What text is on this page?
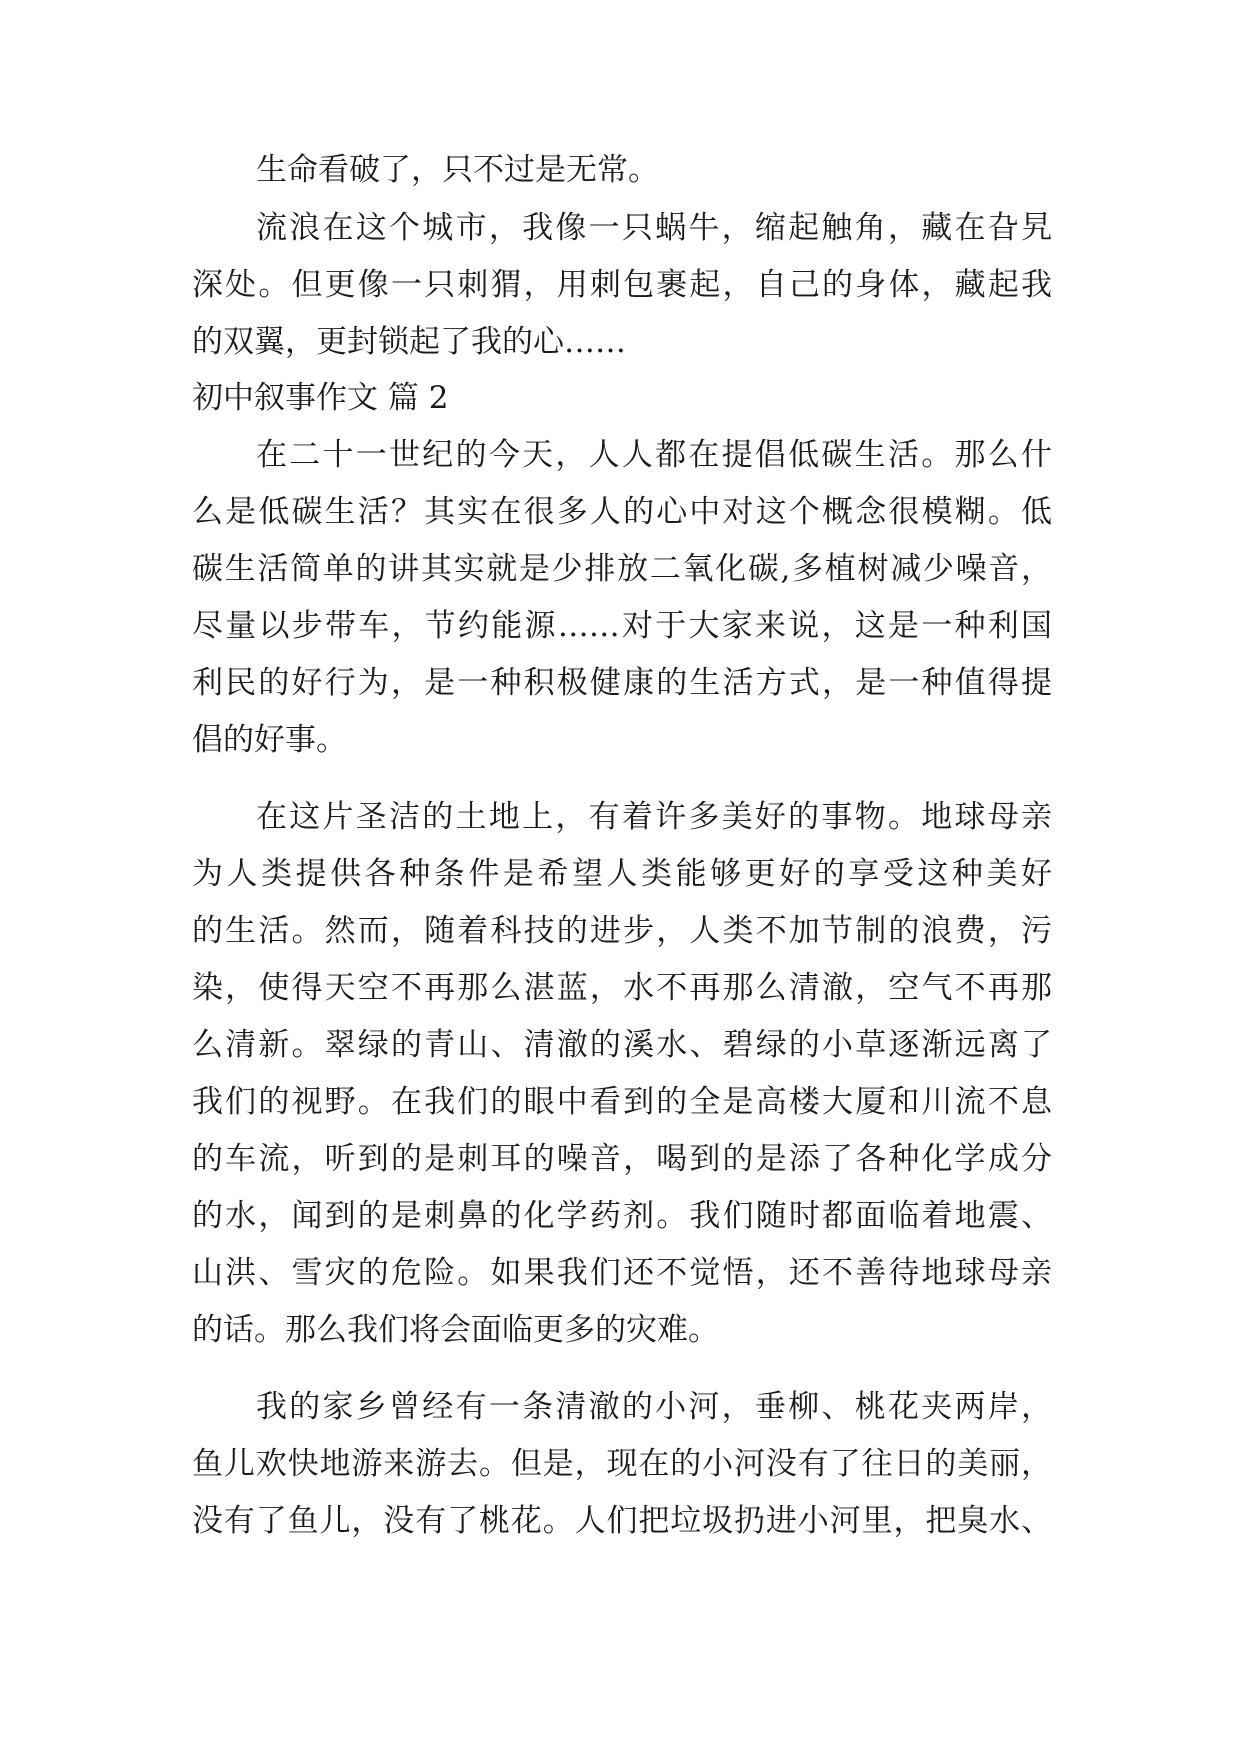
生命看破了，只不过是无常。
流浪在这个城市，我像一只蜗牛，缩起触角，藏在旮旯
深处。但更像一只刺猬，用刺包裹起，自己的身体，藏起我
的双翼，更封锁起了我的心……
初中叙事作文 篇 2
在二十一世纪的今天，人人都在提倡低碳生活。那么什
么是低碳生活？其实在很多人的心中对这个概念很模糊。低
碳生活简单的讲其实就是少排放二氧化碳,多植树减少噪音，
尽量以步带车，节约能源……对于大家来说，这是一种利国
利民的好行为，是一种积极健康的生活方式，是一种值得提
倡的好事。
在这片圣洁的土地上，有着许多美好的事物。地球母亲
为人类提供各种条件是希望人类能够更好的享受这种美好
的生活。然而，随着科技的进步，人类不加节制的浪费，污
染，使得天空不再那么湛蓝，水不再那么清澈，空气不再那
么清新。翠绿的青山、清澈的溪水、碧绿的小草逐渐远离了
我们的视野。在我们的眼中看到的全是高楼大厦和川流不息
的车流，听到的是刺耳的噪音，喝到的是添了各种化学成分
的水，闻到的是刺鼻的化学药剂。我们随时都面临着地震、
山洪、雪灾的危险。如果我们还不觉悟，还不善待地球母亲
的话。那么我们将会面临更多的灾难。
我的家乡曾经有一条清澈的小河，垂柳、桃花夹两岸，
鱼儿欢快地游来游去。但是，现在的小河没有了往日的美丽，
没有了鱼儿，没有了桃花。人们把垃圾扔进小河里，把臭水、
